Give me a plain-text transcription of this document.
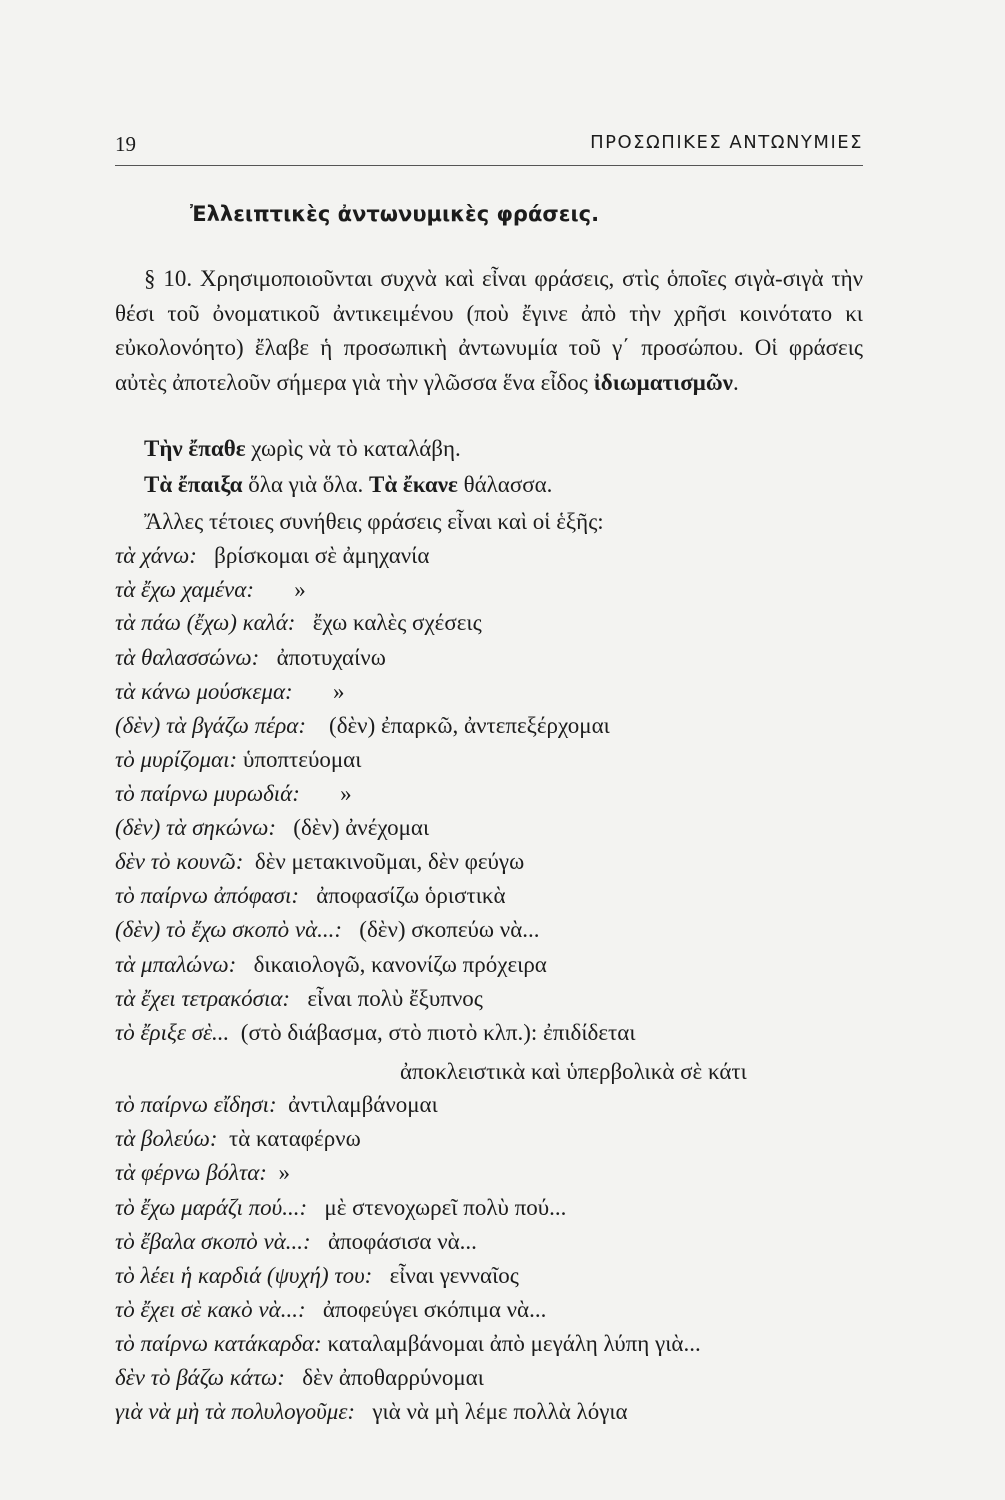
19	ΠΡΟΣΩΠΙΚΕΣ ΑΝΤΩΝΥΜΙΕΣ
Ἐλλειπτικὲς ἀντωνυμικὲς φράσεις.

§ 10. Χρησιμοποιοῦνται συχνὰ καὶ εἶναι φράσεις, στὶς ὁποῖες σιγὰ-σιγὰ τὴν θέσι τοῦ ὀνοματικοῦ ἀντικειμένου (ποὺ ἔγινε ἀπὸ τὴν χρῆσι κοινότατο κι εὐκολονόητο) ἔλαβε ἡ προσωπικὴ ἀντωνυμία τοῦ γ΄ προσώπου. Οἱ φράσεις αὐτὲς ἀποτελοῦν σήμερα γιὰ τὴν γλῶσσα ἕνα εἶδος ἰδιωματισμῶν.

Τὴν ἔπαθε χωρὶς νὰ τὸ καταλάβη.
Τὰ ἔπαιξα ὅλα γιὰ ὅλα. Τὰ ἔκανε θάλασσα.
Ἄλλες τέτοιες συνήθεις φράσεις εἶναι καὶ οἱ ἑξῆς:
τὰ χάνω: βρίσκομαι σὲ ἀμηχανία
τὰ ἔχω χαμένα: »
τὰ πάω (ἔχω) καλά: ἔχω καλὲς σχέσεις
τὰ θαλασσώνω: ἀποτυχαίνω
τὰ κάνω μούσκεμα: »
(δὲν) τὰ βγάζω πέρα: (δὲν) ἐπαρκῶ, ἀντεπεξέρχομαι
τὸ μυρίζομαι: ὑποπτεύομαι
τὸ παίρνω μυρωδιά: »
(δὲν) τὰ σηκώνω: (δὲν) ἀνέχομαι
δὲν τὸ κουνῶ: δὲν μετακινοῦμαι, δὲν φεύγω
τὸ παίρνω ἀπόφασι: ἀποφασίζω ὁριστικὰ
(δὲν) τὸ ἔχω σκοπὸ νὰ...: (δὲν) σκοπεύω νὰ...
τὰ μπαλώνω: δικαιολογῶ, κανονίζω πρόχειρα
τὰ ἔχει τετρακόσια: εἶναι πολὺ ἔξυπνος
τὸ ἔριξε σὲ... (στὸ διάβασμα, στὸ πιοτὸ κλπ.): ἐπιδίδεται
ἀποκλειστικὰ καὶ ὑπερβολικὰ σὲ κάτι
τὸ παίρνω εἴδησι: ἀντιλαμβάνομαι
τὰ βολεύω: τὰ καταφέρνω
τὰ φέρνω βόλτα: »
τὸ ἔχω μαράζι πού...: μὲ στενοχωρεῖ πολὺ πού...
τὸ ἔβαλα σκοπὸ νὰ...: ἀποφάσισα νὰ...
τὸ λέει ἡ καρδιά (ψυχή) του: εἶναι γενναῖος
τὸ ἔχει σὲ κακὸ νὰ...: ἀποφεύγει σκόπιμα νὰ...
τὸ παίρνω κατάκαρδα: καταλαμβάνομαι ἀπὸ μεγάλη λύπη γιὰ...
δὲν τὸ βάζω κάτω: δὲν ἀποθαρρύνομαι
γιὰ νὰ μὴ τὰ πολυλογοῦμε: γιὰ νὰ μὴ λέμε πολλὰ λόγια
